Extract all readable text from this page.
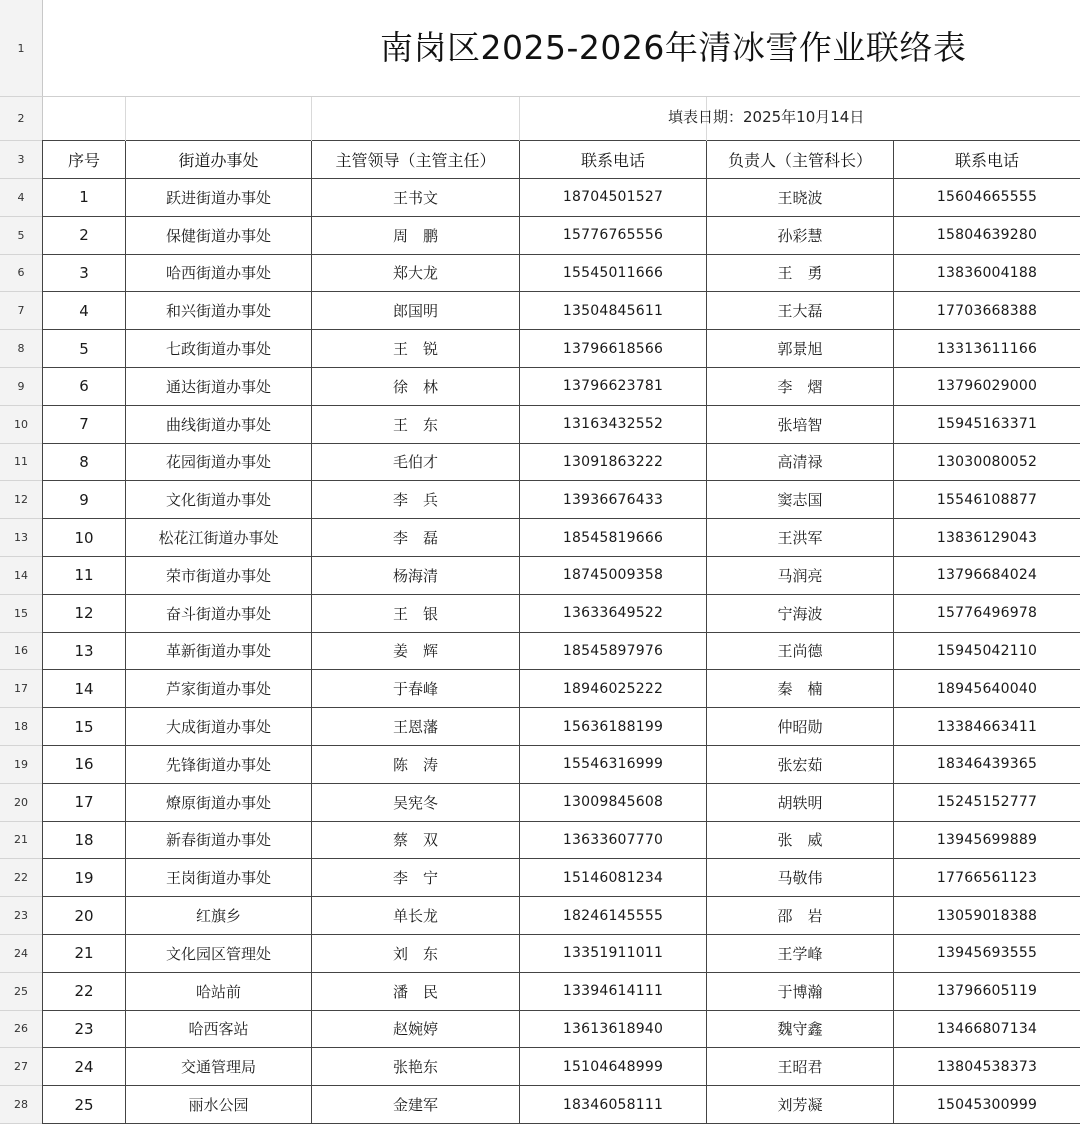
1
2
3
4
5
6
7
8
9
10
11
12
13
14
15
16
17
18
19
20
21
22
23
24
25
26
27
28
南岗区2025-2026年清冰雪作业联络表
填表日期：2025年10月14日
序号	街道办事处	主管领导（主管主任）	联系电话	负责人（主管科长）	联系电话
1	跃进街道办事处	王书文	18704501527	王晓波	15604665555
2	保健街道办事处	周　鹏	15776765556	孙彩慧	15804639280
3	哈西街道办事处	郑大龙	15545011666	王　勇	13836004188
4	和兴街道办事处	郎国明	13504845611	王大磊	17703668388
5	七政街道办事处	王　锐	13796618566	郭景旭	13313611166
6	通达街道办事处	徐　林	13796623781	李　熠	13796029000
7	曲线街道办事处	王　东	13163432552	张培智	15945163371
8	花园街道办事处	毛伯才	13091863222	高清禄	13030080052
9	文化街道办事处	李　兵	13936676433	窦志国	15546108877
10	松花江街道办事处	李　磊	18545819666	王洪军	13836129043
11	荣市街道办事处	杨海清	18745009358	马润亮	13796684024
12	奋斗街道办事处	王　银	13633649522	宁海波	15776496978
13	革新街道办事处	姜　辉	18545897976	王尚德	15945042110
14	芦家街道办事处	于春峰	18946025222	秦　楠	18945640040
15	大成街道办事处	王恩藩	15636188199	仲昭勋	13384663411
16	先锋街道办事处	陈　涛	15546316999	张宏茹	18346439365
17	燎原街道办事处	吴宪冬	13009845608	胡轶明	15245152777
18	新春街道办事处	蔡　双	13633607770	张　威	13945699889
19	王岗街道办事处	李　宁	15146081234	马敬伟	17766561123
20	红旗乡	单长龙	18246145555	邵　岩	13059018388
21	文化园区管理处	刘　东	13351911011	王学峰	13945693555
22	哈站前	潘　民	13394614111	于博瀚	13796605119
23	哈西客站	赵婉婷	13613618940	魏守鑫	13466807134
24	交通管理局	张艳东	15104648999	王昭君	13804538373
25	丽水公园	金建军	18346058111	刘芳凝	15045300999
